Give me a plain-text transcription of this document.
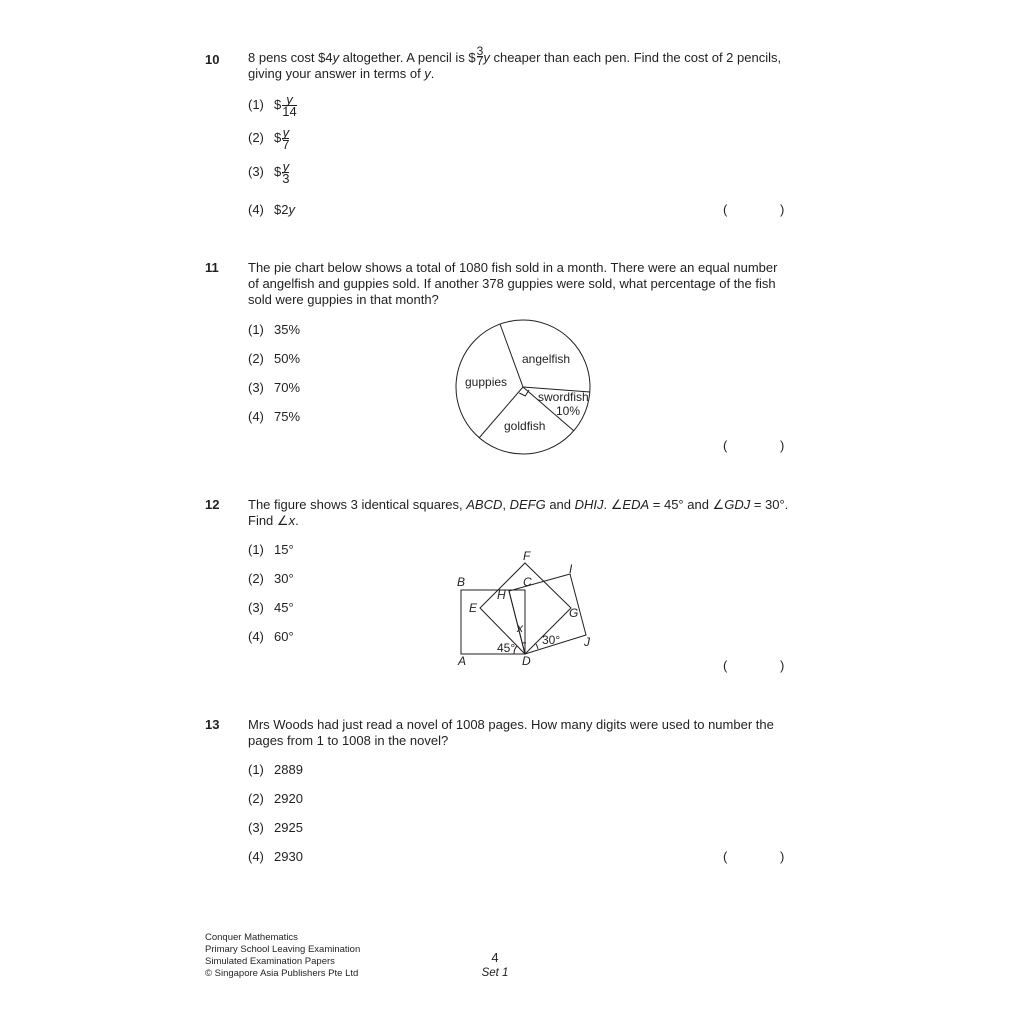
10 8 pens cost $4 y altogether. A pencil is $ $\frac{3}{7}$ y cheaper than each pen. Find the cost of 2 pencils,
giving your answer in terms of y.
(1) $ $\frac{y}{14}$
(2) $ $\frac{y}{7}$
(3) $ $\frac{y}{3}$
(4) $2y	(	)
11 The pie chart below shows a total of 1080 fish sold in a month. There were an equal number
of angelfish and guppies sold. If another 378 guppies were sold, what percentage of the fish
sold were guppies in that month?
(1) 35%
(2) 50%
(3) 70%
(4) 75%
angelfish
guppies
swordfish
10%
goldfish
(	)
12 The figure shows 3 identical squares, ABCD, DEFG and DHIJ. ∠EDA = 45° and ∠GDJ = 30°.
Find ∠x.
(1) 15°
(2) 30°
(3) 45°
(4) 60°
B
A	D
F
C
I
H
E	G
J
x
45°
30°
(	)
13 Mrs Woods had just read a novel of 1008 pages. How many digits were used to number the
pages from 1 to 1008 in the novel?
(1) 2889
(2) 2920
(3) 2925
(4) 2930	(	)
Conquer Mathematics
Primary School Leaving Examination
Simulated Examination Papers
© Singapore Asia Publishers Pte Ltd
4
Set 1
